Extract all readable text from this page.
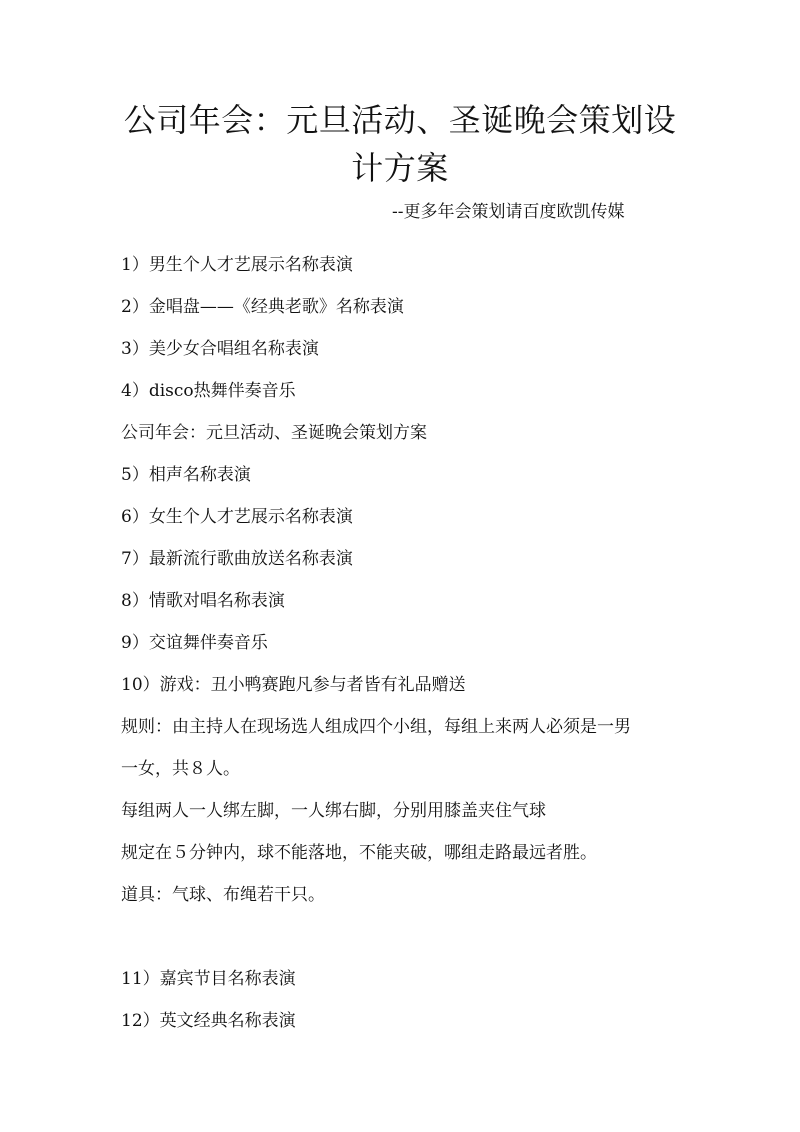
公司年会：元旦活动、圣诞晚会策划设
计方案
--更多年会策划请百度欧凯传媒
1）男生个人才艺展示名称表演
2）金唱盘——《经典老歌》名称表演
3）美少女合唱组名称表演
4）disco热舞伴奏音乐
公司年会：元旦活动、圣诞晚会策划方案
5）相声名称表演
6）女生个人才艺展示名称表演
7）最新流行歌曲放送名称表演
8）情歌对唱名称表演
9）交谊舞伴奏音乐
10）游戏：丑小鸭赛跑凡参与者皆有礼品赠送
规则：由主持人在现场选人组成四个小组，每组上来两人必须是一男
一女，共８人。
每组两人一人绑左脚，一人绑右脚，分别用膝盖夹住气球
规定在５分钟内，球不能落地，不能夹破，哪组走路最远者胜。
道具：气球、布绳若干只。
11）嘉宾节目名称表演
12）英文经典名称表演
